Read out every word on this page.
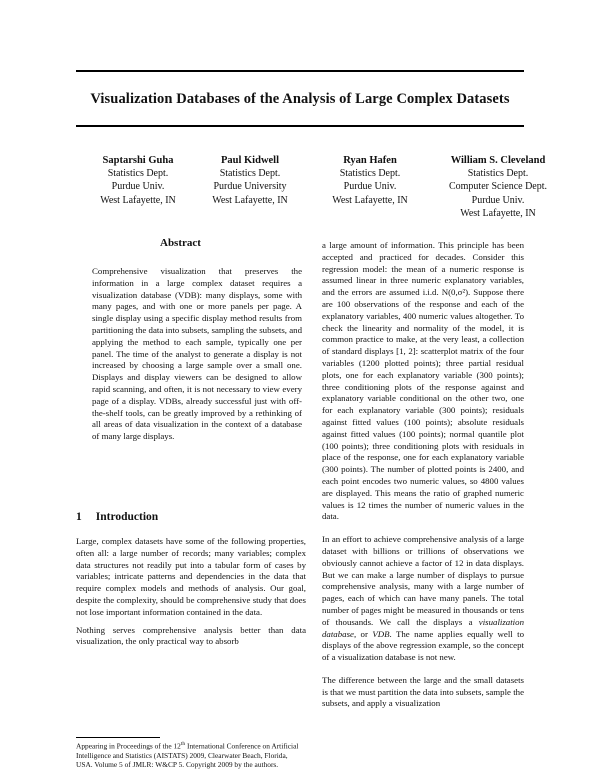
Visualization Databases of the Analysis of Large Complex Datasets
Saptarshi Guha
Statistics Dept.
Purdue Univ.
West Lafayette, IN
Paul Kidwell
Statistics Dept.
Purdue University
West Lafayette, IN
Ryan Hafen
Statistics Dept.
Purdue Univ.
West Lafayette, IN
William S. Cleveland
Statistics Dept.
Computer Science Dept.
Purdue Univ.
West Lafayette, IN
Abstract

Comprehensive visualization that preserves the information in a large complex dataset requires a visualization database (VDB): many displays, some with many pages, and with one or more panels per page. A single display using a specific display method results from partitioning the data into subsets, sampling the subsets, and applying the method to each sample, typically one per panel. The time of the analyst to generate a display is not increased by choosing a large sample over a small one. Displays and display viewers can be designed to allow rapid scanning, and often, it is not necessary to view every page of a display. VDBs, already successful just with off-the-shelf tools, can be greatly improved by a rethinking of all areas of data visualization in the context of a database of many large displays.

1 Introduction

Large, complex datasets have some of the following properties, often all: a large number of records; many variables; complex data structures not readily put into a tabular form of cases by variables; intricate patterns and dependencies in the data that require complex models and methods of analysis. Our goal, despite the complexity, should be comprehensive study that does not lose important information contained in the data.

Nothing serves comprehensive analysis better than data visualization, the only practical way to absorb

a large amount of information. This principle has been accepted and practiced for decades. Consider this regression model: the mean of a numeric response is assumed linear in three numeric explanatory variables, and the errors are assumed i.i.d. N(0,σ²). Suppose there are 100 observations of the response and each of the explanatory variables, 400 numeric values altogether. To check the linearity and normality of the model, it is common practice to make, at the very least, a collection of standard displays [1, 2]: scatterplot matrix of the four variables (1200 plotted points); three partial residual plots, one for each explanatory variable (300 points); three conditioning plots of the response against and explanatory variable conditional on the other two, one for each explanatory variable (300 points); residuals against fitted values (100 points); absolute residuals against fitted values (100 points); normal quantile plot (100 points); three conditioning plots with residuals in place of the response, one for each explanatory variable (300 points). The number of plotted points is 2400, and each point encodes two numeric values, so 4800 values are displayed. This means the ratio of graphed numeric values is 12 times the number of numeric values in the data.

In an effort to achieve comprehensive analysis of a large dataset with billions or trillions of observations we obviously cannot achieve a factor of 12 in data displays. But we can make a large number of displays to pursue comprehensive analysis, many with a large number of pages, each of which can have many panels. The total number of pages might be measured in thousands or tens of thousands. We call the displays a visualization database, or VDB. The name applies equally well to displays of the above regression example, so the concept of a visualization database is not new.

The difference between the large and the small datasets is that we must partition the data into subsets, sample the subsets, and apply a visualization

Appearing in Proceedings of the 12th International Conference on Artificial Intelligence and Statistics (AISTATS) 2009, Clearwater Beach, Florida, USA. Volume 5 of JMLR: W&CP 5. Copyright 2009 by the authors.
